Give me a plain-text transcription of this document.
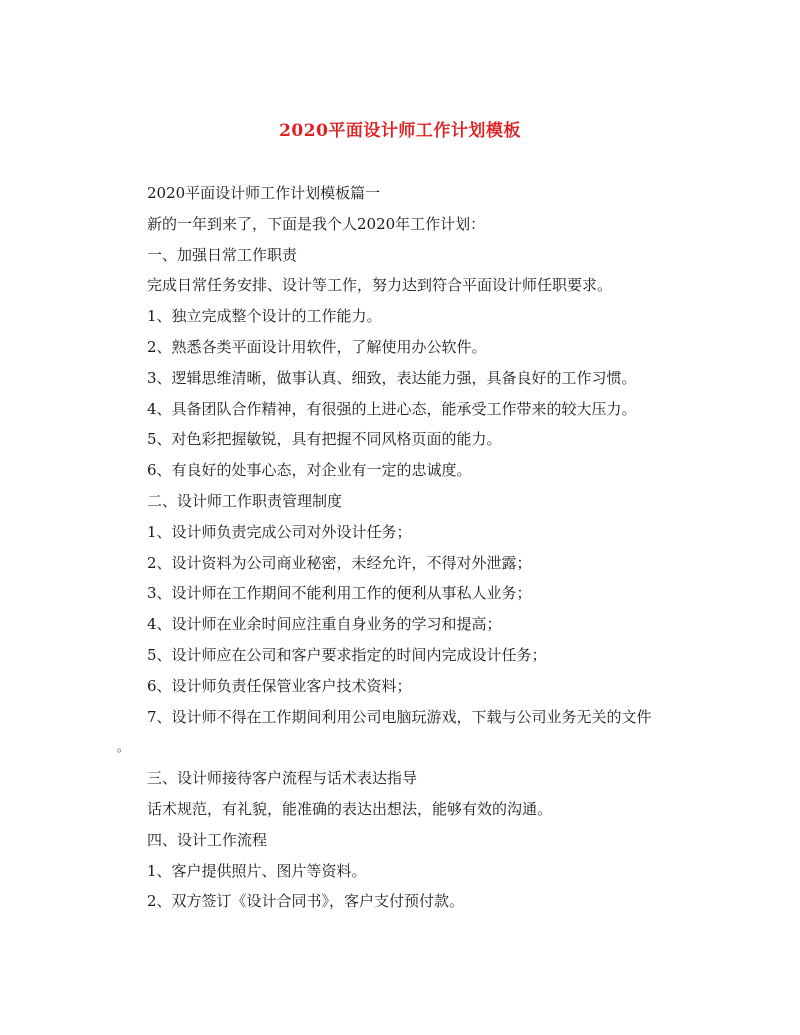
2020平面设计师工作计划模板
2020平面设计师工作计划模板篇一
新的一年到来了，下面是我个人2020年工作计划：
一、加强日常工作职责
完成日常任务安排、设计等工作，努力达到符合平面设计师任职要求。
1、独立完成整个设计的工作能力。
2、熟悉各类平面设计用软件，了解使用办公软件。
3、逻辑思维清晰，做事认真、细致，表达能力强，具备良好的工作习惯。
4、具备团队合作精神，有很强的上进心态，能承受工作带来的较大压力。
5、对色彩把握敏锐，具有把握不同风格页面的能力。
6、有良好的处事心态，对企业有一定的忠诚度。
二、设计师工作职责管理制度
1、设计师负责完成公司对外设计任务；
2、设计资料为公司商业秘密，未经允许，不得对外泄露；
3、设计师在工作期间不能利用工作的便利从事私人业务；
4、设计师在业余时间应注重自身业务的学习和提高；
5、设计师应在公司和客户要求指定的时间内完成设计任务；
6、设计师负责任保管业客户技术资料；
7、设计师不得在工作期间利用公司电脑玩游戏，下载与公司业务无关的文件
。
三、设计师接待客户流程与话术表达指导
话术规范，有礼貌，能准确的表达出想法，能够有效的沟通。
四、设计工作流程
1、客户提供照片、图片等资料。
2、双方签订《设计合同书》，客户支付预付款。
